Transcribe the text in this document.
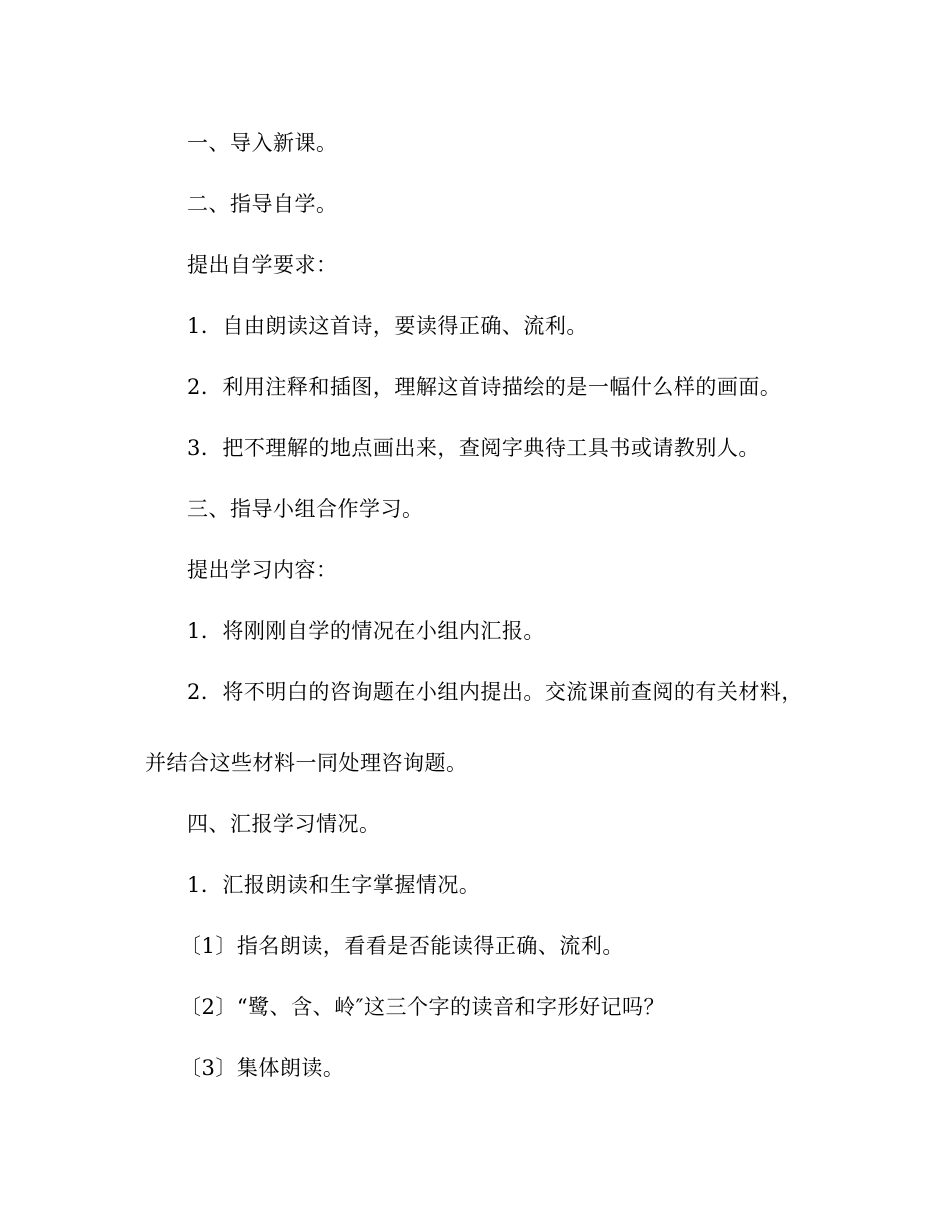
一、导入新课。
二、指导自学。
提出自学要求：
1．自由朗读这首诗，要读得正确、流利。
2．利用注释和插图，理解这首诗描绘的是一幅什么样的画面。
3．把不理解的地点画出来，查阅字典待工具书或请教别人。
三、指导小组合作学习。
提出学习内容：
1．将刚刚自学的情况在小组内汇报。
2．将不明白的咨询题在小组内提出。交流课前查阅的有关材料，
并结合这些材料一同处理咨询题。
四、汇报学习情况。
1．汇报朗读和生字掌握情况。
〔1〕指名朗读，看看是否能读得正确、流利。
〔2〕“鹭、含、岭″这三个字的读音和字形好记吗？
〔3〕集体朗读。
